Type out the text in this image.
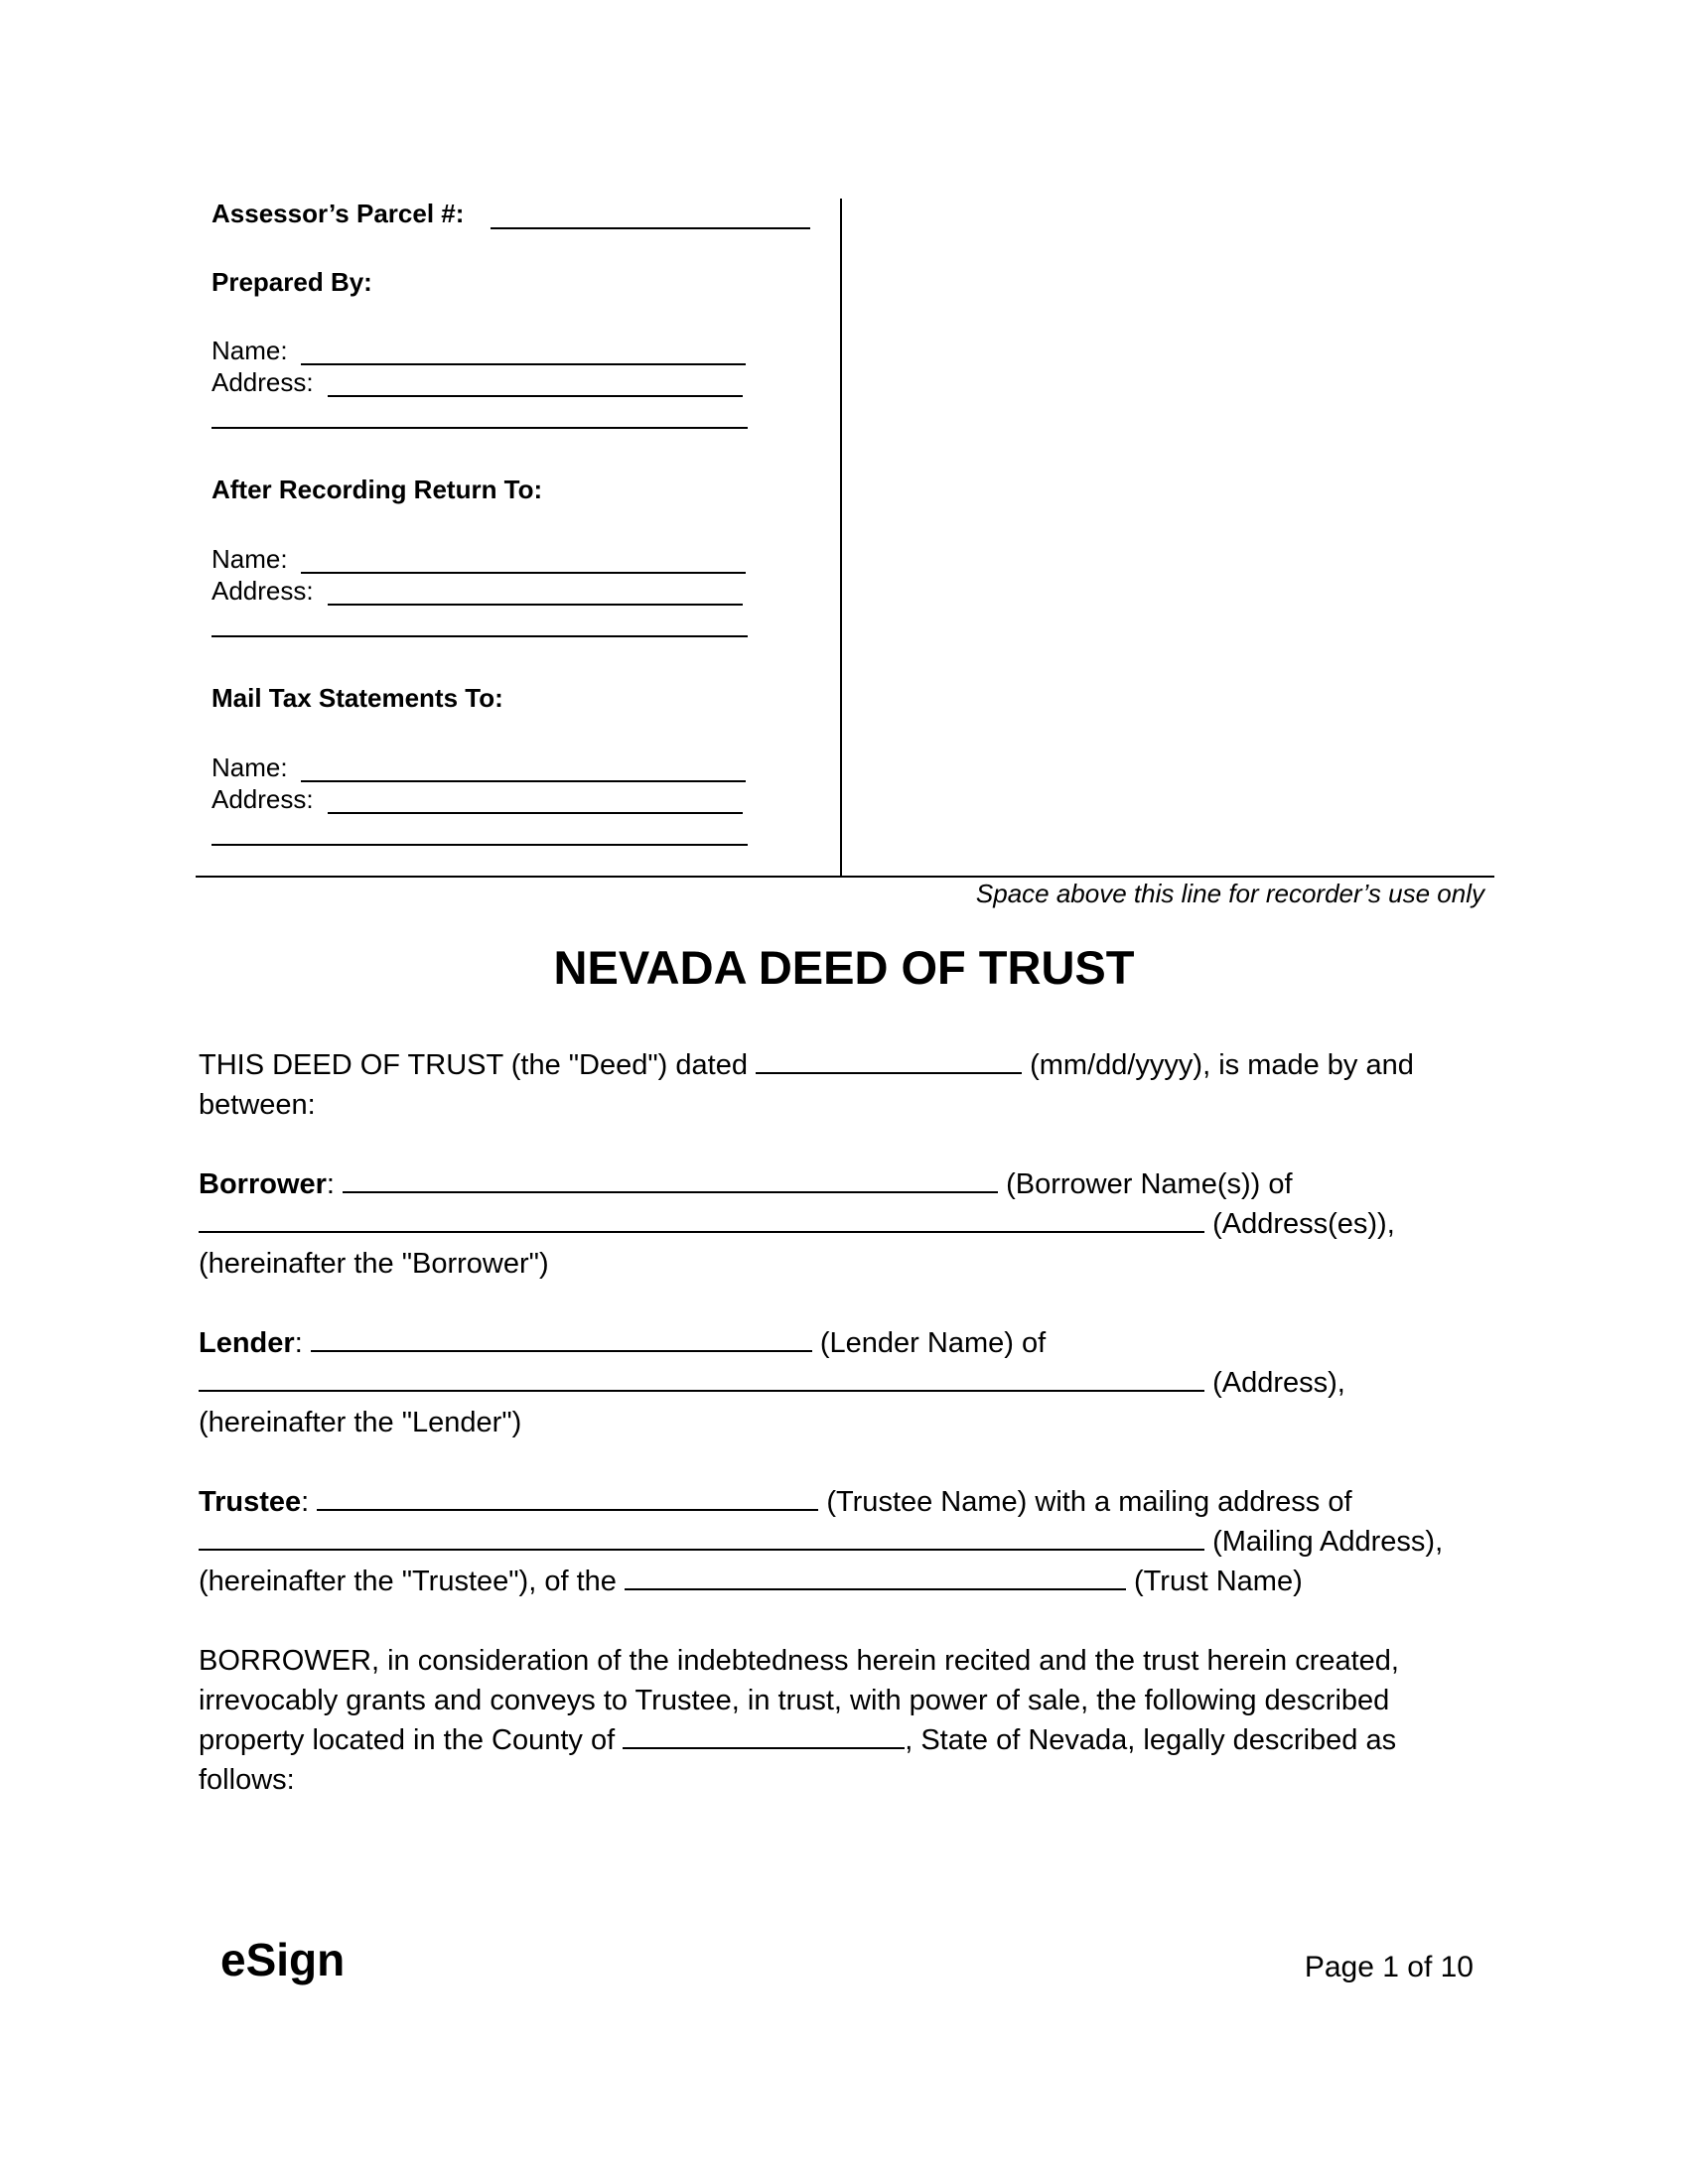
Assessor’s Parcel #:
Prepared By:
Name:
Address:
After Recording Return To:
Name:
Address:
Mail Tax Statements To:
Name:
Address:
Space above this line for recorder’s use only
NEVADA DEED OF TRUST
THIS DEED OF TRUST (the "Deed") dated	(mm/dd/yyyy), is made by and
between:
Borrower:	(Borrower Name(s)) of
(Address(es)),
(hereinafter the "Borrower")
Lender:	(Lender Name) of
(Address),
(hereinafter the "Lender")
Trustee:	(Trustee Name) with a mailing address of
(Mailing Address),
(hereinafter the "Trustee"), of the	(Trust Name)
BORROWER, in consideration of the indebtedness herein recited and the trust herein created,
irrevocably grants and conveys to Trustee, in trust, with power of sale, the following described
property located in the County of	, State of Nevada, legally described as
follows:
eSign	Page 1 of 10
